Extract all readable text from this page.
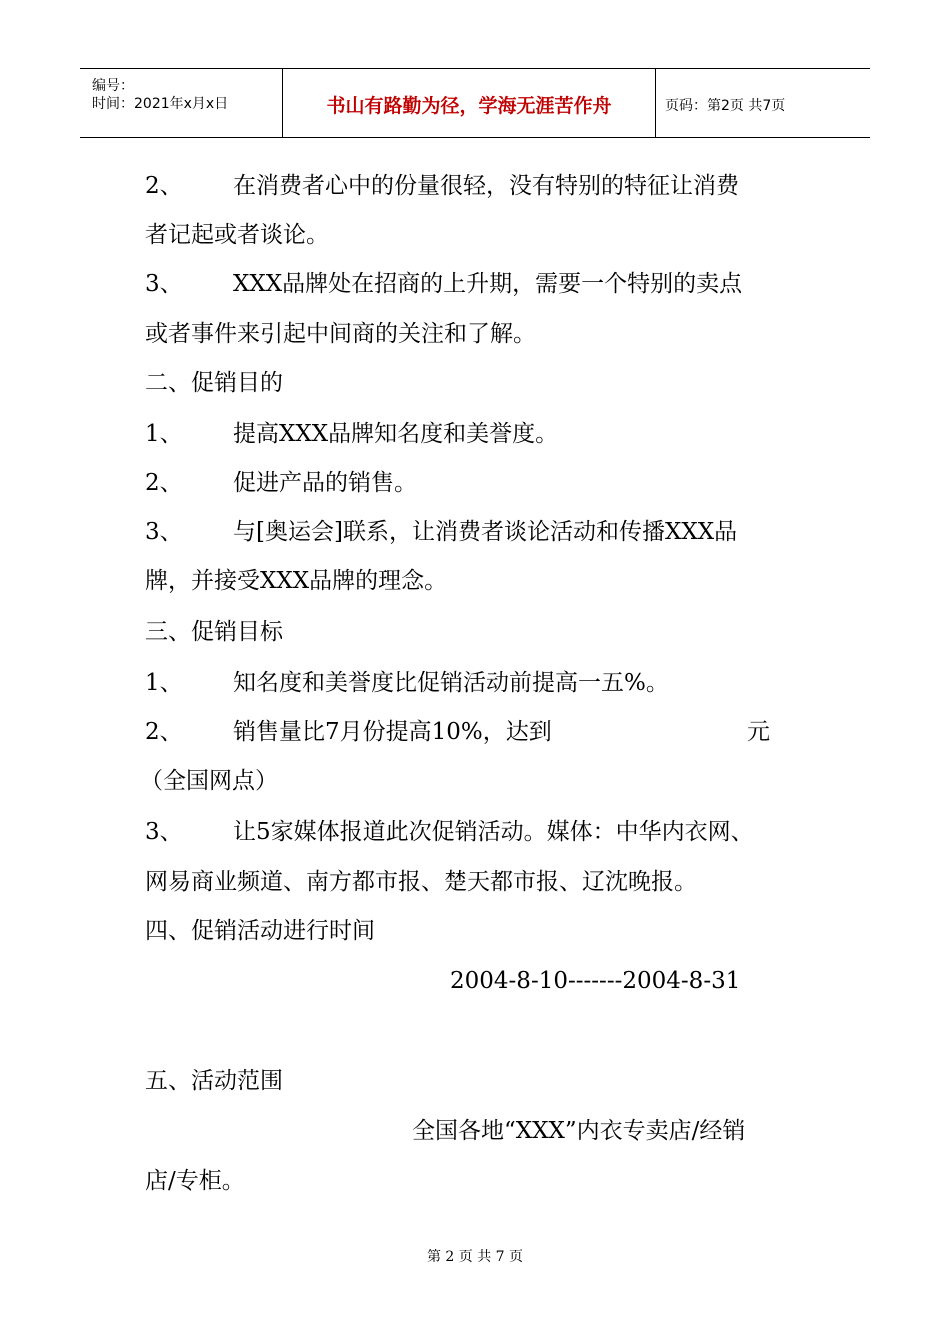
编号：
时间：2021年x月x日	书山有路勤为径，学海无涯苦作舟	页码：第2页 共7页
2、 在消费者心中的份量很轻，没有特别的特征让消费
者记起或者谈论。
3、 XXX品牌处在招商的上升期，需要一个特别的卖点
或者事件来引起中间商的关注和了解。
二、促销目的
1、 提高XXX品牌知名度和美誉度。
2、 促进产品的销售。
3、 与[奥运会]联系，让消费者谈论活动和传播XXX品
牌，并接受XXX品牌的理念。
三、促销目标
1、 知名度和美誉度比促销活动前提高一五%。
2、 销售量比7月份提高10%，达到	元
（全国网点）
3、 让5家媒体报道此次促销活动。媒体：中华内衣网、
网易商业频道、南方都市报、楚天都市报、辽沈晚报。
四、促销活动进行时间
2004-8-10-------2004-8-31
五、活动范围
全国各地“XXX”内衣专卖店/经销
店/专柜。
第 2 页 共 7 页
